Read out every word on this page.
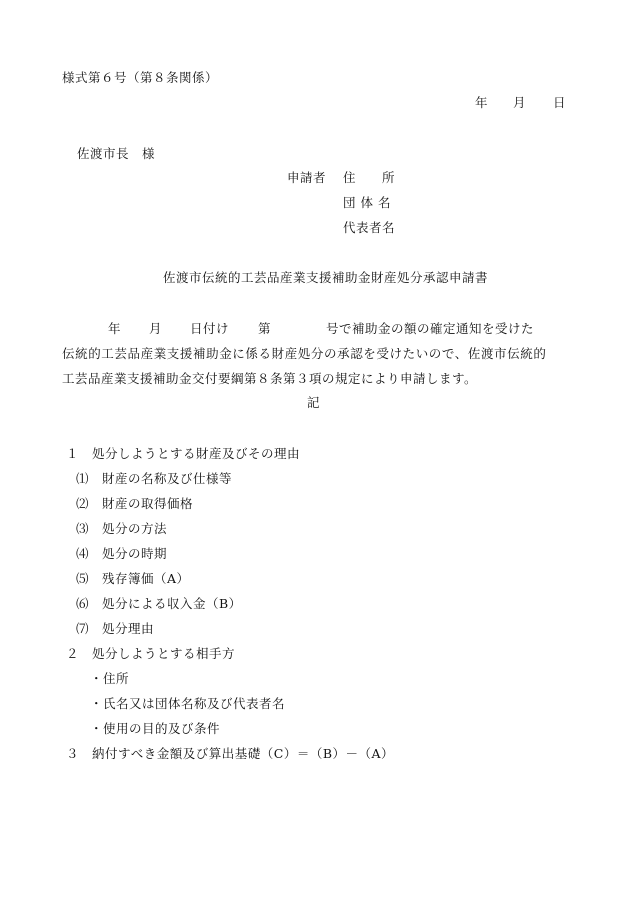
様式第６号（第８条関係）
年 月 日
佐渡市長　様
申請者 住　　所
団 体 名
代表者名
佐渡市伝統的工芸品産業支援補助金財産処分承認申請書
年 月 日付け 第	号で補助金の額の確定通知を受けた
伝統的工芸品産業支援補助金に係る財産処分の承認を受けたいので、佐渡市伝統的
工芸品産業支援補助金交付要綱第８条第３項の規定により申請します。
記
１　処分しようとする財産及びその理由
⑴　財産の名称及び仕様等
⑵　財産の取得価格
⑶　処分の方法
⑷　処分の時期
⑸　残存簿価（A）
⑹　処分による収入金（B）
⑺　処分理由
２　処分しようとする相手方
・住所
・氏名又は団体名称及び代表者名
・使用の目的及び条件
３　納付すべき金額及び算出基礎（C）＝（B）－（A）
